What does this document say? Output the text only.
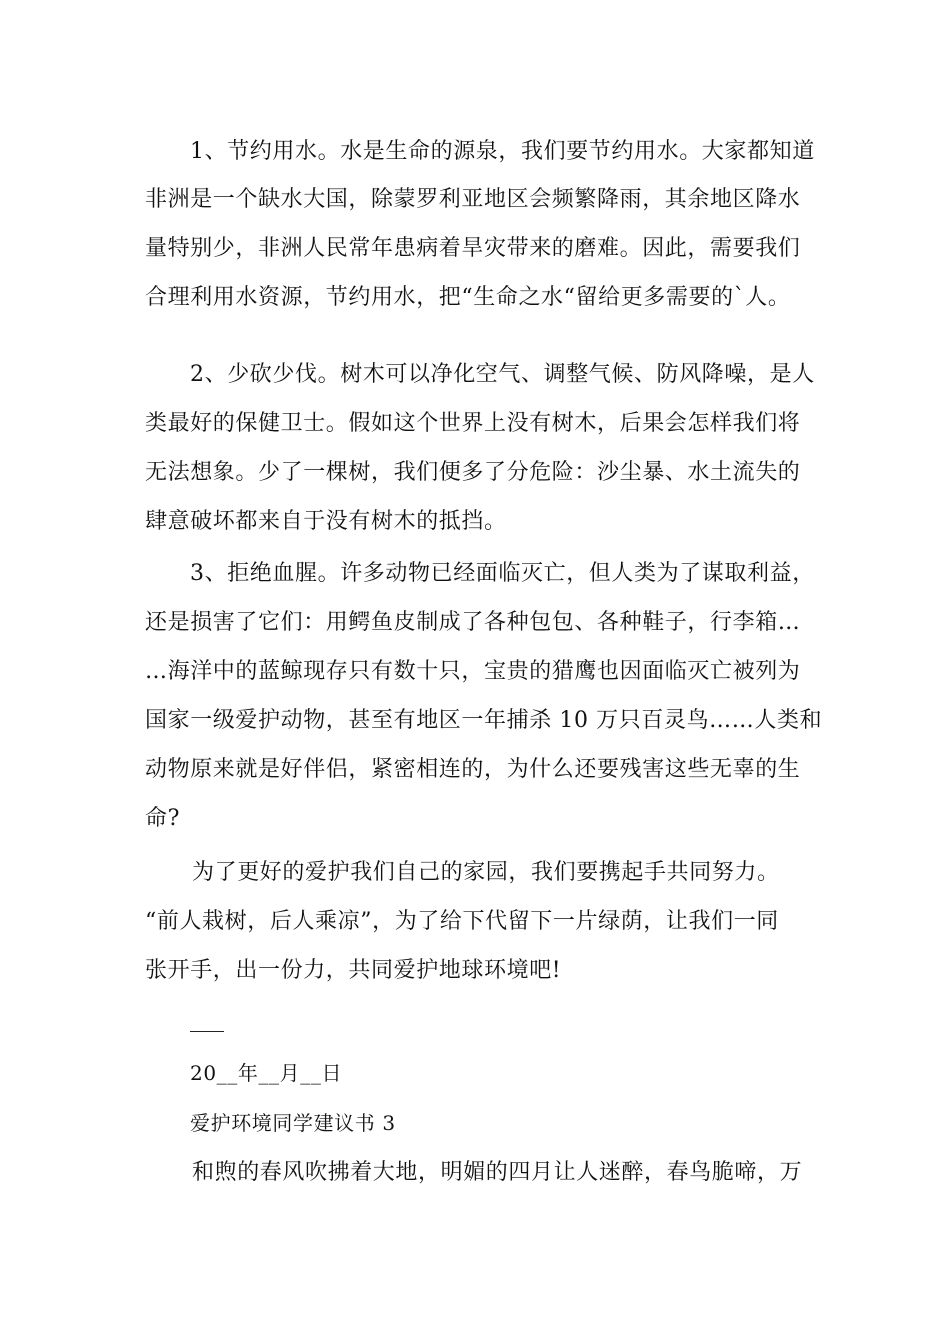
1、节约用水。水是生命的源泉，我们要节约用水。大家都知道
非洲是一个缺水大国，除蒙罗利亚地区会频繁降雨，其余地区降水
量特别少，非洲人民常年患病着旱灾带来的磨难。因此，需要我们
合理利用水资源，节约用水，把“生命之水“留给更多需要的`人。
2、少砍少伐。树木可以净化空气、调整气候、防风降噪，是人
类最好的保健卫士。假如这个世界上没有树木，后果会怎样我们将
无法想象。少了一棵树，我们便多了分危险：沙尘暴、水土流失的
肆意破坏都来自于没有树木的抵挡。
3、拒绝血腥。许多动物已经面临灭亡，但人类为了谋取利益，
还是损害了它们：用鳄鱼皮制成了各种包包、各种鞋子，行李箱…
…海洋中的蓝鲸现存只有数十只，宝贵的猎鹰也因面临灭亡被列为
国家一级爱护动物，甚至有地区一年捕杀 10 万只百灵鸟……人类和
动物原来就是好伴侣，紧密相连的，为什么还要残害这些无辜的生
命?
为了更好的爱护我们自己的家园，我们要携起手共同努力。
“前人栽树，后人乘凉”，为了给下代留下一片绿荫，让我们一同
张开手，出一份力，共同爱护地球环境吧!
20__年__月__日
爱护环境同学建议书 3
和煦的春风吹拂着大地，明媚的四月让人迷醉，春鸟脆啼，万
